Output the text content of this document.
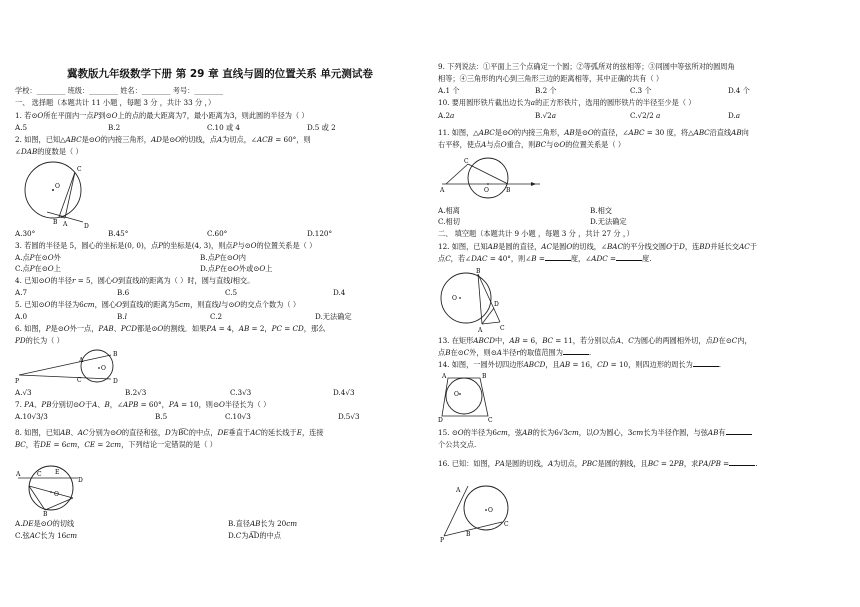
冀教版九年级数学下册 第 29 章 直线与圆的位置关系 单元测试卷
学校：________ 班级：________ 姓名：________ 考号：________
一、 选择题（本题共计 11 小题 ，每题 3 分 ，共计 33 分 ，）
1. 若⊙𝑂所在平面内一点𝑃到⊙𝑂上的点的最大距离为7，最小距离为3，则此圆的半径为（ ）
A.5	B.2	C.10 或 4	D.5 或 2
2. 如图，已知△𝐴𝐵𝐶是⊙𝑂的内接三角形，𝐴𝐷是⊙𝑂的切线，点𝐴为切点，∠𝐴𝐶𝐵 = 60°，则
∠𝐷𝐴𝐵的度数是（ ）
O
C
B A	D
A.30°	B.45°	C.60°	D.120°
3. 若圆的半径是 5，圆心的坐标是(0, 0)，点𝑃的坐标是(4, 3)，则点𝑃与⊙𝑂的位置关系是（ ）
A.点𝑃在⊙𝑂外	B.点𝑃在⊙𝑂内
C.点𝑃在⊙𝑂上	D.点𝑃在⊙𝑂外或⊙𝑂上
4. 已知⊙𝑂的半径𝑟 = 5，圆心𝑂到直线𝑙的距离为（ ）时，圆与直线𝑙相交。
A.7	B.6	C.5	D.4
5. 已知⊙𝑂的半径为6𝑐𝑚，圆心𝑂到直线𝑙的距离为5𝑐𝑚，则直线𝑙与⊙𝑂的交点个数为（ ）
A.0	B.𝑙	C.2	D.无法确定
6. 如图，𝑃是⊙𝑂外一点，𝑃𝐴𝐵、𝑃𝐶𝐷都是⊙𝑂的割线．如果𝑃𝐴 = 4，𝐴𝐵 = 2，𝑃𝐶 = 𝐶𝐷，那么
𝑃𝐷的长为（ ）
P
A
C
B
D
O
A.√3	B.2√3	C.3√3	D.4√3
7. 𝑃𝐴、𝑃𝐵分别切⊙𝑂于𝐴、𝐵，∠𝐴𝑃𝐵 = 60°，𝑃𝐴 = 10，则⊙𝑂半径长为（ ）
A.10√3/3	B.5	C.10√3	D.5√3
8. 如图，已知𝐴𝐵、𝐴𝐶分别为⊙𝑂的直径和弦，𝐷为B͡C的中点，𝐷𝐸垂直于𝐴𝐶的延长线于𝐸，连接
𝐵𝐶，若𝐷𝐸 = 6𝑐𝑚，𝐶𝐸 = 2𝑐𝑚，下列结论一定错误的是（ ）
A	C E
D
O
B
A.𝐷𝐸是⊙𝑂的切线	B.直径𝐴𝐵长为 20𝑐𝑚
C.弦𝐴𝐶长为 16𝑐𝑚	D.𝐶为A͡D的中点
9. 下列说法：①平面上三个点确定一个圆；②等弧所对的弦相等；③同圆中等弦所对的圆周角
相等；④三角形的内心到三角形三边的距离相等，其中正确的共有（ ）
A.1 个	B.2 个	C.3 个	D.4 个
10. 要用圆形铁片截出边长为𝑎的正方形铁片，选用的圆形铁片的半径至少是（ ）
A.2𝑎	B.√2𝑎	C.√2/2 𝑎	D.𝑎
11. 如图，△𝐴𝐵𝐶是⊙𝑂的内接三角形，𝐴𝐵是⊙𝑂的直径，∠𝐴𝐵𝐶 = 30 度，将△𝐴𝐵𝐶沿直线𝐴𝐵向
右平移，使点𝐴与点𝑂重合，则𝐵𝐶与⊙𝑂的位置关系是（ ）
C
A	O	B
A.相离	B.相交
C.相切	D.无法确定
二、 填空题（本题共计 9 小题 ，每题 3 分 ，共计 27 分 ，）
12. 如图，已知𝐴𝐵是圆的直径，𝐴𝐶是圆𝑂的切线，∠𝐵𝐴𝐶的平分线交圆𝑂于𝐷，连𝐵𝐷并延长交𝐴𝐶于
点𝐶，若∠𝐷𝐴𝐶 = 40°，则∠𝐵 =	度，∠𝐴𝐷𝐶 =	度.
O
B
D
A	C
13. 在矩形𝐴𝐵𝐶𝐷中，𝐴𝐵 = 6，𝐵𝐶 = 11，若分别以点𝐴、𝐶为圆心的两圆相外切，点𝐷在⊙𝐶内，
点𝐵在⊙𝐶外，则⊙𝐴半径𝑟的取值范围为	.
14. 如图，一圆外切四边形𝐴𝐵𝐶𝐷，且𝐴𝐵 = 16，𝐶𝐷 = 10，则四边形的周长为	.
O
A	B
C
D
15. ⊙𝑂的半径为6𝑐𝑚，弦𝐴𝐵的长为6√3𝑐𝑚，以𝑂为圆心，3𝑐𝑚长为半径作圆，与弦𝐴𝐵有
个公共交点.
16. 已知：如图，𝑃𝐴是圆的切线，𝐴为切点，𝑃𝐵𝐶是圆的割线，且𝐵𝐶 = 2𝑃𝐵，求𝑃𝐴/𝑃𝐵 =	.
A
P
B
C
O
